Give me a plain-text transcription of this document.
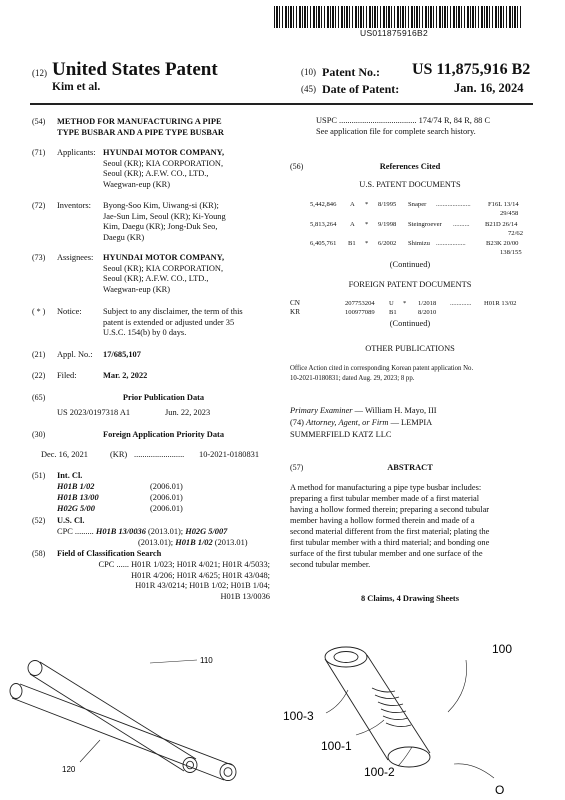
US011875916B2
(12) United States Patent
Kim et al.
(10) Patent No.: US 11,875,916 B2
(45) Date of Patent:	Jan. 16, 2024
(54) METHOD FOR MANUFACTURING A PIPE
TYPE BUSBAR AND A PIPE TYPE BUSBAR
(71) Applicants: HYUNDAI MOTOR COMPANY,
Seoul (KR); KIA CORPORATION,
Seoul (KR); A.F.W. CO., LTD.,
Waegwan-eup (KR)
(72) Inventors: Byong-Soo Kim, Uiwang-si (KR);
Jae-Sun Lim, Seoul (KR); Ki-Young
Kim, Daegu (KR); Jong-Duk Seo,
Daegu (KR)
(73) Assignees: HYUNDAI MOTOR COMPANY,
Seoul (KR); KIA CORPORATION,
Seoul (KR); A.F.W. CO., LTD.,
Waegwan-eup (KR)
( * ) Notice:	Subject to any disclaimer, the term of this
patent is extended or adjusted under 35
U.S.C. 154(b) by 0 days.
(21) Appl. No.: 17/685,107
(22) Filed:	Mar. 2, 2022
(65)	Prior Publication Data
US 2023/0197318 A1	Jun. 22, 2023
(30)	Foreign Application Priority Data
Dec. 16, 2021	(KR) ........................ 10-2021-0180831
(51) Int. Cl.
H01B 1/02	(2006.01)
H01B 13/00	(2006.01)
H02G 5/00	(2006.01)
(52) U.S. Cl.
CPC ......... H01B 13/0036 (2013.01); H02G 5/007
(2013.01); H01B 1/02 (2013.01)
(58) Field of Classification Search
CPC ...... H01R 1/023; H01R 4/021; H01R 4/5033;
H01R 4/206; H01R 4/625; H01R 43/048;
H01R 43/0214; H01B 1/02; H01B 1/04;
H01B 13/0036
USPC ..................................... 174/74 R, 84 R, 88 C
See application file for complete search history.
(56)	References Cited
U.S. PATENT DOCUMENTS
5,442,846 A * 8/1995 Snaper .....................	F16L 13/14
29/458
5,813,264 A * 9/1998 Steingroever .......... B21D 26/14
72/62
6,405,761 B1 * 6/2002 Shimizu ..................	B23K 20/00
138/155
(Continued)
FOREIGN PATENT DOCUMENTS
CN	207753204 U * 1/2018 ............. H01R 13/02
KR	100977089 B1	8/2010
(Continued)
OTHER PUBLICATIONS
Office Action cited in corresponding Korean patent application No.
10-2021-0180831; dated Aug. 29, 2023; 8 pp.
Primary Examiner — William H. Mayo, III
(74) Attorney, Agent, or Firm — LEMPIA
SUMMERFIELD KATZ LLC
(57)	ABSTRACT
A method for manufacturing a pipe type busbar includes:
preparing a first tubular member made of a first material
having a hollow formed therein; preparing a second tubular
member having a hollow formed therein and made of a
second material different from the first material; plating the
first tubular member with a third material; and bonding one
surface of the first tubular member and one surface of the
second tubular member.
8 Claims, 4 Drawing Sheets
110
120
100
100-3
100-1
100-2
O
